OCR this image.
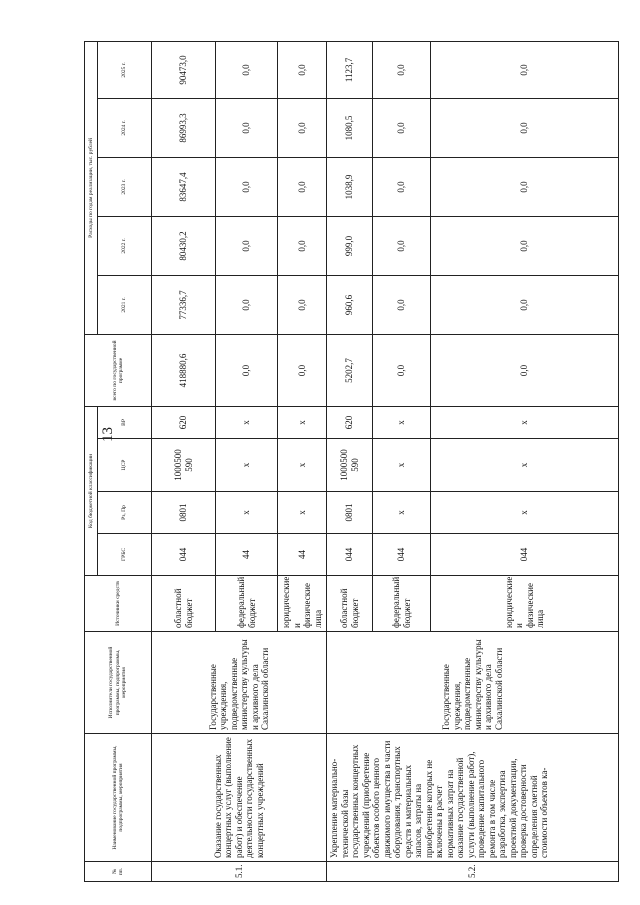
13
№ пп.	Наименование государственной программы, подпрограммы, мероприятия	Исполнители государственной программы, подпрограммы, мероприятия	Источники средств	Код бюджетной классификации				всего по государственной программе	Расходы по годам реализации, тыс. рублей				
				ГРБС	Рз, Пр	ЦСР	ВР		2021 г.	2022 г.	2023 г.	2024 г.	2025 г.
5.1.	Оказание государственных концертных услуг (выполнение работ) и обеспечение деятельности государственных концертных учреждений	Государственные учреждения, подведомственные министерству культуры и архивного дела Сахалинской области	областной бюджет	044	0801	1000500 590	620	418880,6	77336,7	80430,2	83647,4	86993,3	90473,0
			федеральный бюджет	44	x	x	x	0,0	0,0	0,0	0,0	0,0	0,0
			юридические и физические лица	44	x	x	x	0,0	0,0	0,0	0,0	0,0	0,0
5.2.	Укрепление материально-технической базы государственных концертных учреждений (приобретение объектов особого ценного движимого имущества в части оборудования, транспортных средств и материальных запасов, затраты на приобретение которых не включены в расчет нормативных затрат на оказание государственной услуги (выполнение работ), проведение капитального ремонта в том числе разработка, экспертиза проектной документации, проверка достоверности определения сметной стоимости объектов ка-	Государственные учреждения, подведомственные министерству культуры и архивного дела Сахалинской области	областной бюджет	044	0801	1000500 590	620	5202,7	960,6	999,0	1038,9	1080,5	1123,7
			федеральный бюджет	044	x	x	x	0,0	0,0	0,0	0,0	0,0	0,0
			юридические и физические лица	044	x	x	x	0,0	0,0	0,0	0,0	0,0	0,0
